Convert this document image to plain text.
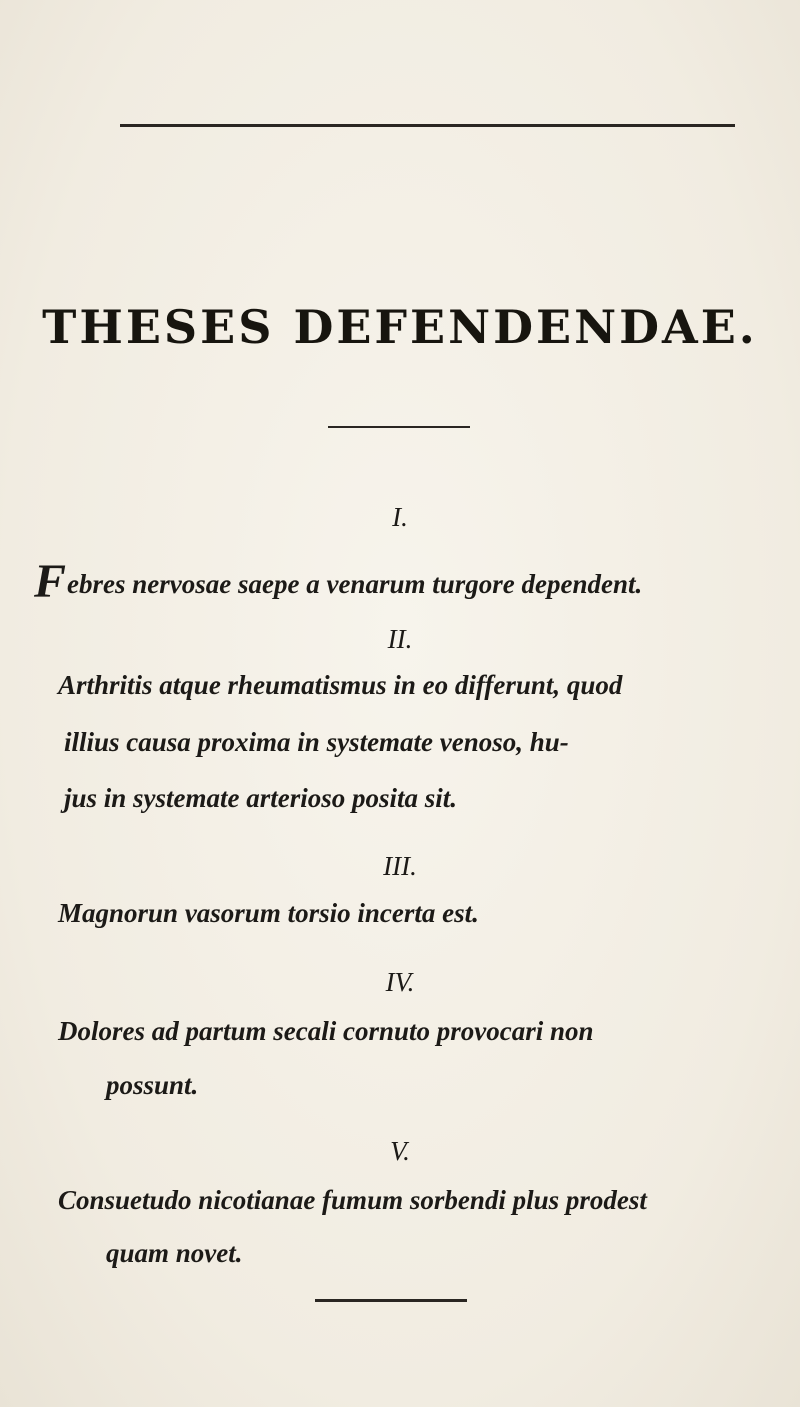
THESES DEFENDENDAE.
I.
Febres nervosae saepe a venarum turgore dependent.
II.
Arthritis atque rheumatismus in eo differunt, quod
illius causa proxima in systemate venoso, hu-
jus in systemate arterioso posita sit.
III.
Magnorun vasorum torsio incerta est.
IV.
Dolores ad partum secali cornuto provocari non
possunt.
V.
Consuetudo nicotianae fumum sorbendi plus prodest
quam novet.
